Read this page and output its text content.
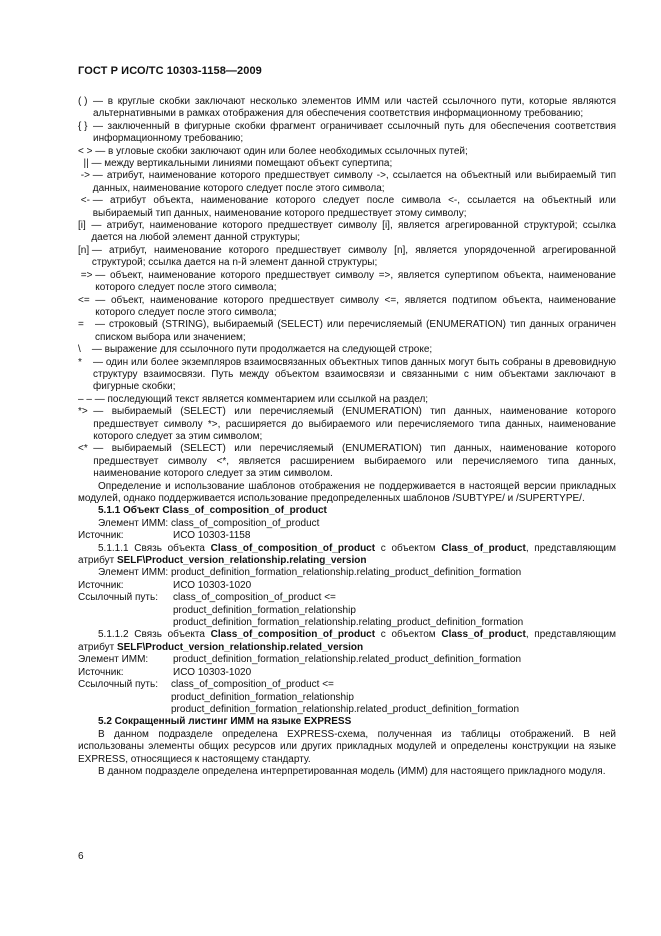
ГОСТ Р ИСО/ТС 10303-1158—2009
( ) — в круглые скобки заключают несколько элементов ИММ или частей ссылочного пути, которые являются альтернативными в рамках отображения для обеспечения соответствия информационному требованию;
{ } — заключенный в фигурные скобки фрагмент ограничивает ссылочный путь для обеспечения соответствия информационному требованию;
< > — в угловые скобки заключают один или более необходимых ссылочных путей;
|| — между вертикальными линиями помещают объект супертипа;
-> — атрибут, наименование которого предшествует символу ->, ссылается на объектный или выбираемый тип данных, наименование которого следует после этого символа;
<- — атрибут объекта, наименование которого следует после символа <-, ссылается на объектный или выбираемый тип данных, наименование которого предшествует этому символу;
[i] — атрибут, наименование которого предшествует символу [i], является агрегированной структурой; ссылка дается на любой элемент данной структуры;
[n] — атрибут, наименование которого предшествует символу [n], является упорядоченной агрегированной структурой; ссылка дается на n-й элемент данной структуры;
=> — объект, наименование которого предшествует символу =>, является супертипом объекта, наименование которого следует после этого символа;
<= — объект, наименование которого предшествует символу <=, является подтипом объекта, наименование которого следует после этого символа;
= — строковый (STRING), выбираемый (SELECT) или перечисляемый (ENUMERATION) тип данных ограничен списком выбора или значением;
\ — выражение для ссылочного пути продолжается на следующей строке;
* — один или более экземпляров взаимосвязанных объектных типов данных могут быть собраны в древовидную структуру взаимосвязи. Путь между объектом взаимосвязи и связанными с ним объектами заключают в фигурные скобки;
– – — последующий текст является комментарием или ссылкой на раздел;
*> — выбираемый (SELECT) или перечисляемый (ENUMERATION) тип данных, наименование которого предшествует символу *>, расширяется до выбираемого или перечисляемого типа данных, наименование которого следует за этим символом;
<* — выбираемый (SELECT) или перечисляемый (ENUMERATION) тип данных, наименование которого предшествует символу <*, является расширением выбираемого или перечисляемого типа данных, наименование которого следует за этим символом.

Определение и использование шаблонов отображения не поддерживается в настоящей версии прикладных модулей, однако поддерживается использование предопределенных шаблонов /SUBTYPE/ и /SUPERTYPE/.

5.1.1 Объект Class_of_composition_of_product
Элемент ИММ: class_of_composition_of_product
Источник:	ИСО 10303-1158

5.1.1.1 Связь объекта Class_of_composition_of_product с объектом Class_of_product, представляющим атрибут SELF\Product_version_relationship.relating_version

Элемент ИММ: product_definition_formation_relationship.relating_product_definition_formation
Источник:	ИСО 10303-1020
Ссылочный путь:	class_of_composition_of_product <=
product_definition_formation_relationship
product_definition_formation_relationship.relating_product_definition_formation

5.1.1.2 Связь объекта Class_of_composition_of_product с объектом Class_of_product, представляющим атрибут SELF\Product_version_relationship.related_version

Элемент ИММ:	product_definition_formation_relationship.related_product_definition_formation
Источник:	ИСО 10303-1020
Ссылочный путь:	class_of_composition_of_product <=
product_definition_formation_relationship
product_definition_formation_relationship.related_product_definition_formation
5.2 Сокращенный листинг ИММ на языке EXPRESS

В данном подразделе определена EXPRESS-схема, полученная из таблицы отображений. В ней использованы элементы общих ресурсов или других прикладных модулей и определены конструкции на языке EXPRESS, относящиеся к настоящему стандарту.

В данном подразделе определена интерпретированная модель (ИММ) для настоящего прикладного модуля.

6
